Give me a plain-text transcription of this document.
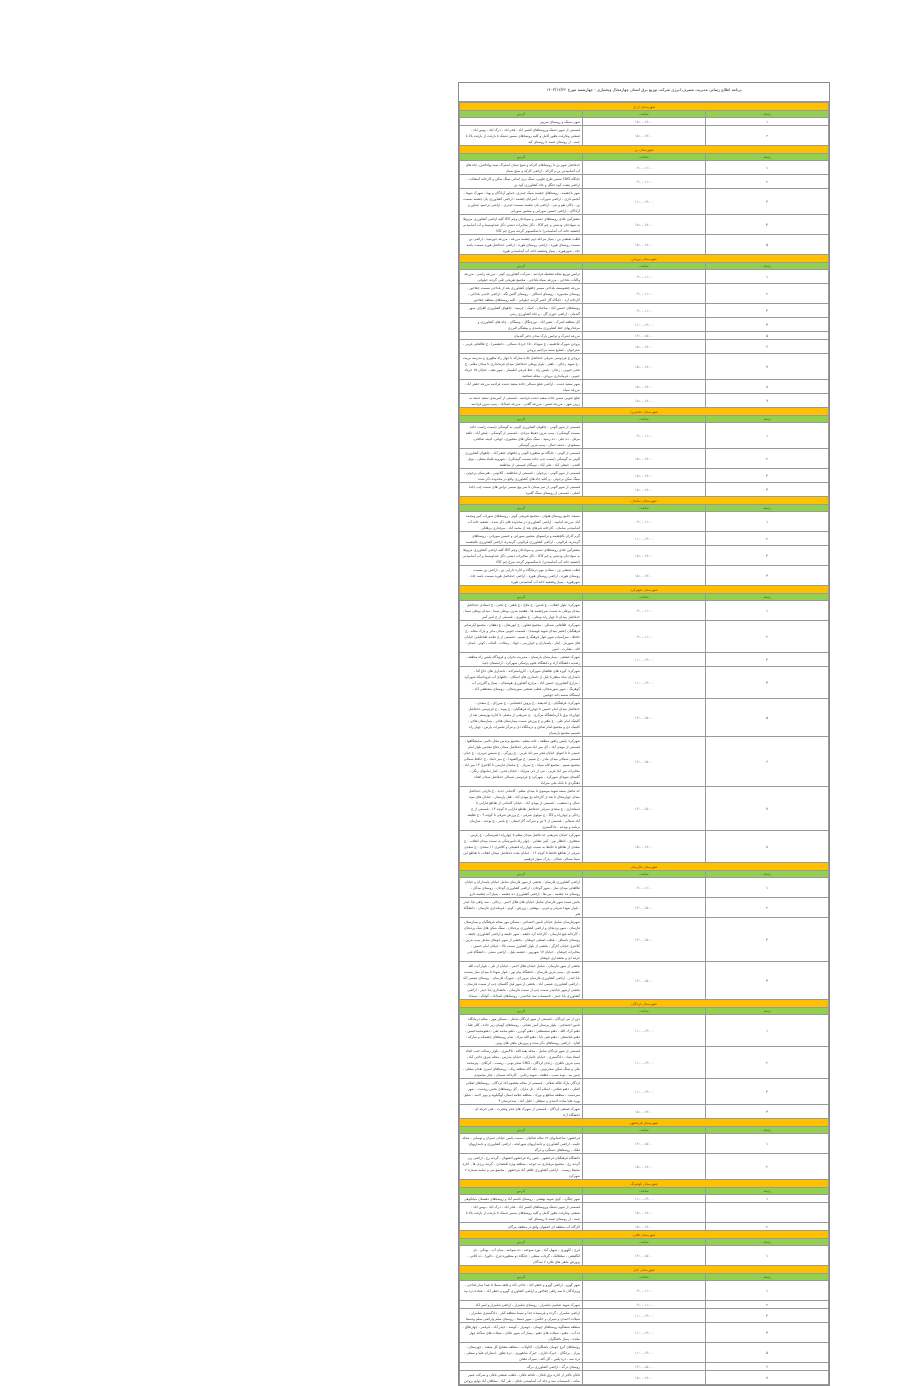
برنامه اطلاع رسانی مدیریت مصرف انرژی شرکت توزیع برق استان چهارمحال وبختیاری - چهارشنبه مورخ ۱۴۰۳/۱۲/۲۲
شهرستان اردل		
ردیف	ساعت	آدرس
۱	۱۵:۰۰-۱۷:۰۰	شهر دشتک و روستای سرپیر
۲	۱۵:۰۰-۱۷:۰۰	قسمتی از شهر دشتک وروستاهای اقسر اباد - فخر اباد - درک اباد - بهمن اباد . صنعتی وغارفت نطور کامل و کلیه روستاهای مسیر دشتک تا بازفت از بازفت بالا تا چمه - از روستای صمد تا روستای کید
شهرستان بن		
ردیف	ساعت	آدرس
۱	۰۹:۰۰-۱۱:۰۰	حدفاصل شهر بن تا روستاهای کارکه و شیخ شبان اشتراک سید بهاءالدین، چاه های آب آشامیدنی بن و کارکه - اراضی کارکه و شیخ شبان
۲	۰۹:۰۰-۱۱:۰۰	جایگاه CNG مسیر طرح طوبی، سنگ بری اسانی سنگ شکن و کارخانه آسفالت - اراضی پشت کوه جنگل و چاه کشاورزی کود بن
۳	۱۱:۰۰-۱۳:۰۰	شهر باجشمه ، روستاهای چشمه شیک حیدری، چماور آزادگان و بهنا - شهرک شهدا - آبجمو داری - اراضی شوراب - آسرایان چشمه - اراضی کشاورزی یان چشمه بسمت بن - دکان نقو و بنی - اراضی بان چشمه بسمت حیدری - اراضی ترجمو، چماور و آزادگان - اراضی حسین سورانی و منصور سورانی
۴	۱۵:۰۰-۱۷:۰۰	مشترکین عادی روستاهای دشتی و سوادجان وچم کاکا کلیه اراضی کشاورزی مربوط به سوادجان ودشتی و چم کاکا - دکل مخابرات دشتی دکل صداوسیما و آب آشامیدنی (تصفیه خانه آب آشامیدنی) تا سکسیونر گردنه سرخ چم کاکا
۵	۱۵:۰۰-۱۷:۰۰	قطب صنعتی بن - پمپاژ مرحله دوم چشمه مزرعه - مزرعه جورشید - اراضی بن بسمت روستای هوره - اراضی روستای هوره - اراضی حدفاصل هوره بسمت یاسه چاه - شهرهوره - پمپاژ وتصفیه خانه آب آشامیدنی هوره
شهرستان بروجن		
ردیف	ساعت	آدرس
۱	۰۹:۰۰-۱۱:۰۰	ترانس توزیع محله تفضیله فرادنبه - شرکت کشاورزی کوثر - مزرعه راشی - مزرعه واکنات بلداجی - مزرعه سیاه بلداجی - مجتمع تفریحی تلنی گردنه حیلوانی
۲	۰۹:۰۰-۱۱:۰۰	مزرعه چشوبسته بلداجی مسیر چاههای کشاورزی بعد از بلداجی بسمت چغاخور - روستای محموره - روستای اشکاف - روستای گلش نگه - اراضی حاشی بلداجی - کارخانه آرد - جایگاه گاز اعمر گردنه حیلوانی - کلیه روستاهای منطقه چغاخور
۳	۰۹:۰۰-۱۱:۰۰	روستاهای حسین آباد - ساحبان - کمک - چرمیه - چاههای کشاورزی اطراف شهر گندمان - اراضی حوزی گل - و چاه کشاورزی رشی
۴	۱۱:۰۰-۱۳:۰۰	کل منطقه اشرک - نصیر آباد - نورچنگال - وستگان - چاه های کشاورزی و مرغداریهای خط کشاورزی محمدی و پیشگام البرزی
۵	۱۳:۰۰-۱۵:۰۰	مزرعه اشرک و ترانس پارک سادر دختر گندمان
۶	۱۵:۰۰-۱۷:۰۰	بروجن شهرک فاطمیه - خ شهداء - ۱۵ خرداد شمالی - دانشسرا - خ طالقانی غربی - شترخوان - صنایع سمه مزاحیم بروجن
۷	۱۵:۰۰-۱۷:۰۰	بروجن خ فردوسی شرقی حدفاصل جاده مبارکه تا چهار راه مطهری و مدرسه تربیت - خ شهید رجائی - باهنر - بلوار بوعلی حدفاصل میدان فرمانداری تا میدان معلم - خ تختی جنوبی - زندان - بلنس راه - خط فرعی اقلیسار - شهر نقنه - خیابان ۱۵ خرداد جنوبی - فرمانداری بروجن - محله صناعیه
۸	۱۵:۰۰-۱۷:۰۰	شهر سفید دشت - اراضی ضلع شمالی جاده سفید دشت فرادنبه مزرعه جعفر آباد - مزرعه سیاه
۹	۱۵:۰۰-۱۷:۰۰	ضلع جنوبی مسیر جاده سفید دشت فرادنبه - قسمتی از کمربندی سفید دشته به زرین شهر - مزرعه عبس - مزرعه گلانی - مزرعه اسدآباد - پمپ بنزین فرادنبه
شهرستان خانمیرزا		
ردیف	ساعت	آدرس
۱	۰۹:۰۰-۱۱:۰۰	قسمتی از شهر آلونی - چاههای کشاورزی آلونی به گوشکی (سمت راست جاده بسمت گوشکی) - پمپ بنزین حفیظ مرادی - قسمتی از گوشکی - فیض آباد - قلعه مرغل - ده علی - ده رشید - سنگ شکن های منصوری، جهانی، ادیبند صالحی، مسعودی - دشته جمال - پمپ بنزین گوشکی
۲	۱۵:۰۰-۱۷:۰۰	قسمتی از آلونی - جایگاه نو منظوره آلونی و چاههای جعفر آباد - چاههای کشاورزی آلونی به گوشکی (سمت چپ جاده بسمت گوشکی) - شهرویه غلیاء سفلی - نوتل العدم - حیطی آباد - علی آباد - نومگان قسمتی از شاطعنه
۳	۱۵:۰۰-۱۷:۰۰	قسمتی از شهر آلونی - برجوئی - قسمتی از شاطعنه - کلاتونی - هنرستان برجوئی - سنگ شکن برجوئی - و کلیه چاه های کشاورزی واقع در محدوده ذکر شده
۴	۱۵:۰۰-۱۷:۰۰	قسمتی از شهر آلونی از سر میدان تا سر پیچ سیمی تراس های سمت چپ جاده اصلی - قسمتی از روستای سنگ گفیره
شهرستان سامان		
ردیف	ساعت	آدرس
۱	۰۹:۰۰-۱۱:۰۰	مسجد جامع روستای هلوان - مجتمع تفریحی کوثر - روستاهای شوراب کبیر ومحمد آباد، مزرعه امامیه - اراضی کشاورزی در محدوده های ذکر شده - تصفیه خانه آب آشامیدنی سامان - کارخانه قیرهای بعد از محمد آباد - مرغداری برهلکی
۲	۱۱:۰۰-۱۳:۰۰	گرم کاران بالچشمه و ترانسهای منصور سورانی و حسین سورانی - روستاهای گرمدره، قرالوتی - اراضی کشاورزی قرالوتی، گرمدره، اراضی کشاورزی بالچشمه
۳	۱۵:۰۰-۱۷:۰۰	مشترکین عادی روستاهای دشتی و سوادجان وچم کاکا کلیه اراضی کشاورزی مربوط به سوادجان ودشتی و چم کاکا - دکل مخابرات دشتی دکل صداوسیما و آب آشامیدنی (تصفیه خانه آب آشامیدنی) تا سکسیونر گردنه سرخ چم کاکا
۴	۱۵:۰۰-۱۷:۰۰	قطب صنعتی بن - ستادن مهر درمانگاه و اداره دارایی بن - اراضی بن بسمت روستای هوره - اراضی روستای هوره - اراضی حدفاصل هوره بسمت یاسه چاه - شهرهوره - پمپاژ وتصفیه خانه آب آشامیدنی هوره
شهرستان شهرکرد		
ردیف	ساعت	آدرس
۱	۰۹:۰۰-۱۱:۰۰	شهرکرد: بلوار انقلاب - خ قدس - خ ملاح - خ باهنر - خ تختی - خ استادی حدفاصل میدان بوعلی به سمت سرچشمه ها - هفتمه مدرن بوعلی سینا - میدان بوعلی سینا - حدفاصل میدان تا چهار راه بوعلی - خ مطهری - قسمتی از خ امیر کبیر
۲	۰۹:۰۰-۱۱:۰۰	شهرکرد: طالقانی شمالی - مجتمع تشاور - خ ابوریحان - خ دهقان - مجتمع آپارتمانی فرهنگیان (عصر میدان شهید فهمیده) - قسمت جنوبی میدان مادر و پارک محله - خ حافظ - سرآسیاب شهر بلوار فرهنگ خ نسیم - قسمتی از خ علامه طباطبایی خیابان های شهریار - ایثار ، پاسداران و خوارزمی - جهاد - رسالت - آفتاب - کوثر - ایمان - لاله - بشارت - امین
۳	۱۱:۰۰-۱۳:۰۰	شهرک صنعتی - بیمارستان پارسیان - مدیریت بحران و فرودگاه پلیس راه منطقه - رصدیه دانشگاه آزاد و دانشگاه علوم پزشکی شهرکرد - آرامستان جدید
۴	۱۱:۰۰-۱۳:۰۰	شهرکرد: کوره های طلشان شهرکرد - کارواستراحه - دامداری های حاج آقا - دامداران شاه منظر تا قبل از دامداری های اسکان - چاههای آب فروداشکه شهرکرد - مزارع کشاورزی حسین آباد - مزارع کشاورزی هوشجان - پمپاژ و گلرزنی آب کوهرنگ - شهر سورشجان، قطب صنعتی سورشجان - روستای مصطفی آباد - ایستگاه سسه دانه جهانبین
۵	۱۳:۰۰-۱۵:۰۰	شهرکرد: فرهنگیان - خ اندیشه - خ پروین اعتصامی - خ میرزای - خ سعدی - حدفاصل میدان امام حسین تا چهارراه فرهنگیان - خ پیوند - خ فردوسی حدفاصل چهارراه برق تا آرمانشگاه مرکزی - خ شریعتی از مصلی تا اداره بهزیستی بعد از کلینیک امام علی - خ باهنر و خ ورزش سمت بیمارستان هاجر - بیمارستان هاجر - کلینیک دی و مجتمع امام صادق و درمانگاه دی و مرکز تعمیرات پارس - چهار راه تصمیم مجتمع پارسیان
۶	۱۳:۰۰-۱۵:۰۰	شهرکرد: پلیس راهور منطقه ، خانه معلم ، مجتمع برندس محل دائمی نمایشگاهها ، قسمتی از مهدی آباد - کل میر اباد شرقی حدفاصل میدان دفاع مقدس بلوار امام خمینی تا تا انتهای خیابان فجر میر اباد غربی - خ روزگی - خ شمس تبریزی - خ خیام - قسمتی شمالی میدان مادر - خ نسیم - خ نورالشهدا - خ میر داماد - خ حافظ شمالی مجتمع نسیم - مجتمع لاله سپاه - خ سرباز - خ سلمان فارسی تا کلانتری ۱۳ میر اباد - مخابرات میر اباد غربی - نبی از حی میراباد - خیابان غدیر ، ایثار تمامهای رنگی - گلستان شهدای شهرکرد - شهرکرد خ فردوسی شمالی حدفاصل میدان اهداء دهنگردی تا بانک ملی میراباد
۷	۱۳:۰۰-۱۵:۰۰	حد فاصل بسته شهید موسوی تا میدان معلم - کاشانی جدید - خ فارابی حدفاصل میدان چهارمحال تا بعد از کارخانه یخ مهدی آباد - هتل پارسیان - خیابان های سید جمال و دستغیب - قسمتی از مهدی آباد - خیابان کاشانی از تقاطع فارابی تا استانداری - خ سعدی شرقی حدفاصل تقاطع فارابی تا کوچه ۱۳ - قسمتی از خ رجائی و چهارراه و لاکا - خ مولوی شرقی - خ ورزش شرقی تا کوچه ۹ - خ طلیقه آباد شمالی - قسمتی از ۷ تیر و شرکت گاز استان - خ یاسر - خ توحید - سازمان برنامه و بودجه - دادگستری
۸	۱۵:۰۰-۱۷:۰۰	شهرکرد خیابان شریعتی حد فاصل میدان معلم تا چهارراه دامپزشکی - خ پارس - منتظری - انتظار نور - آیتی نشانی - چهار راه دامپزشکی به سمت میدان انقلاب - خ سعدی از تقاطع تا حافظ به سمت چهار راه فضیحی و کلانتری ۱۱ سعدی - خ سعدی شرقی از تقاطع حافظ تا کوچه ۱۶ - خیابان ملت حدفاصل میدان انقلاب تا تقاطع ابن سینا شمالی عیادان - پارک سوار فرهنیم
شهرستان فارسان		
ردیف	ساعت	آدرس
۱	۰۹:۰۰-۱۱:۰۰	اراضی کشاورزی فارسان - بخشی از شهر فارسان شامل خیابان پاسداران و خیابان طالقانی میدان نماز - شهر گوجان - اراضی کشاورزی گوجان - روستای بیدکل - روستای ده چشمه - بیر بقا - اراضی کشاورزی ده چشمه - پمپاژ آب چشمه دارو
۲	۱۳:۰۰-۱۵:۰۰	بخش عمده شهر فارسان شامل خیابان های هلال احمر ، رجائی ، سه راهی بابا حیدر ، بلوار شهدا شرقی و غربی ، بهشتی ، ورزش ، کوثر ، فرمانداری فارسان - دانشگاه هنر
۳	۱۳:۰۰-۱۵:۰۰	شهرفارسان شامل خیابان تامین اجتماعی ، مسکن مهر محله فرهنگیان و بیمارستان فارسان - شهر پردنجان و اراضی کشاورزی پردنجان - سنگ شکن های شک پردنجان - کارخانه قیع فارسان - کارخانه آرد جلیقه - شهر جلیقه و اراضی کشاورزی جلیقه - روستای باستاف - قطب صنعتی جونقان - بخشی از شهر جونقان شامل پمپ بنزین - کلانتری خیابان کارگر - بخشی از بلوار کشاورز سمت بالا - خیابان امام حسین - مخابرات جونقان - خیابان ۱۷ شهریور - چشمه پلیل - اراضی سنتی - دانشگاه فنی حرفه ای و بخشداری جونقان
۴	۱۳:۰۰-۱۵:۰۰	بخشی از شهر فارسان ، شامل خیابان هلال احمر ، خیابان از تلی ، بلوار آیت الله جشمه ای ، پمپ بنزین فارسان ، دانشگاه پیام نور ، بلوار شهدا تا میدان نماز بسمت بابا حیدر - اراضی کشاورزی فارسان مرور ای - شهرک فارسان - روستای عیسی آباد - اراضی کشاورزی عیسی آباد - بخشی از شهر قبل گلستان چپ از سمت فارسان - بخشی ازشهر باباحیدر سمت چپ از سمت فارسان - بخشداری بابا حیدر - اراضی کشاورزی بابا حیدر - تاسیسات سد باباحیدر - روستاهای اسدآباد - کوانک - سیدابا
شهرستان لردگان		
ردیف	ساعت	آدرس
۱	۱۱:۰۰-۱۳:۰۰	دین از می لردگان - قسمتی از شهر لردگان شامل - مسکن مهر - محله درمانگاه تامین اجتماعی ، بلوار پرستار آتش نشانی - روستاهای کهمان زیر جاده ، کلار علیا ، دهنو کرک الله - دهنو شنسطنی ، دهنو گودرز ، دهنو محمد تقی - دهنومحمدحسین ، دهنو عباسعلی - دهنو تقی بابا - دهنو الله مراد ، تمام روستاهای چشمکه و مبارکه - لفارد - اراضی روستاهای ذکر شده و پرورش ماهی های پونی
۲	۱۱:۰۰-۱۳:۰۰	قسمتی از شهر لردگان شامل ، محله بقیه الله ، ۴۵متری ، بلوار رسالت جنب اتحاد استاد بنیاد ، دادگستری ، خیابان جانبازان ، خیابان مدرس ، محله شرق حاجی آباد ، پمپ بنزین ناظری ، زندان لردگان - CNG سحر نوبی - ریست - کرکلان - پیرمحمد علی و سنگ شکن سحرنوبی - چله گاه منطقه رنک ، روستاهای امیری نقدام سفلی - چمن بید - توبه سیب - فطعه - شهید رجایی - کارخانه سیمان - چنار محمودی
۳	۱۱:۰۰-۱۳:۰۰	لردگان پارک فلکه صلاتی - قسمتی از محله معصوم آباد لردگان - روستاهای صلاتی اصلی - دهنو صلاتی - اسلام آباد - تل ماران - کل روستاهای بخش رودشت - شهر سردشت - منطقه ساطع و نوراد - منطقه علامه استان کهگیلویه و بویر احمد - شلیل بهره علیا مباده احمدی و سطلی - خلیل آباد - سدخرسان ۴
۴	۱۵:۰۰-۱۷:۰۰	شهرک صنعتی لردگان - قسمتی از شهرک های فجر وفجرت - فنی حرفه ای - دانشگاه آزاد
شهرستان فرخشهر		
ردیف	ساعت	آدرس
۱	۱۳:۰۰-۱۵:۰۰	فرخشهر: ساختمانهای ۲۲ ساله فدائیان - سمت یاسن خیابان جمران و توسلی - محله جلیبه - اراضی کشاورزی و دامداریهای شهرابجه - اراضی کشاورزی و دامداریهای دهک - روستاهای دستگرد و درگه
۲	۱۵:۰۰-۱۷:۰۰	دانشگاه فرهنگیان فرخشهر - بلس راه فرخشهر اصفهان - گردنه رخ - اراضی زیر گردنه رخ - مجتمع مرغداری به جوجه - منطقه ویژه اقتصادی - گردنه زردی ها - اداره محیط زیست - اراضی کشاورزی ظاهر آباد فرخشهر - مجتمع نبی و سامه شماره ۲ شهرکرد
شهرستان کوهرنگ		
ردیف	ساعت	آدرس
۱	۱۱:۰۰-۱۳:۰۰	شهر چلگرد - کوی شهید بهشتی - روستای قاسم آباد و روستاهای دهستان میانکوهی
	۱۵:۰۰-۱۷:۰۰	قسمتی از شهر دشتک وروستاهای اقسر اباد - فخر اباد - درک اباد - بهمن اباد . صنعتی وغارفت نطور کامل و کلیه روستاهای مسیر دشتک تا بازفت از بازفت بالا تا چمه - از روستای صمد تا روستای کید
۲	۱۵:۰۰-۱۷:۰۰	کارگاه آب منطقه ای اصفهان واقع در منطقه بیرگان
شهرستان فلارد		
ردیف	ساعت	آدرس
۱	۱۳:۰۰-۱۵:۰۰	فرح - کلهوری - سهیل آباد - بورد سوخته - ده سوخته - میان آب - یونکی - تل انگلیشی - سلطانک - گرداب سفلی - جایگاه دو منظوره فرح - دالوزا - ده کلانی - پرورش ماهی های فلارد ۶ سدگان
شهرستان کیار		
ردیف	ساعت	آدرس
۱	۰۹:۰۰-۱۱:۰۰	شهر گهرو - اراضی گهرو و جعفر آباد - حاجی آباد و قلعه سملا تا عبدا سار بلداجی - وزیرادگان تا سه راهی چغاخور و اراضی کشاورزی گهرو و جعفر آباد - عماده درد بید -
۲	۰۹:۰۰-۱۱:۰۰	شهرک شهید عباسی شلمزار - روستای شلمزار - اراضی شلمزار و امیر آباد
۳	۱۱:۰۰-۱۳:۰۰	اراضی شلمزار - گرده و فرسینده جدا و سیما منطقه کیار - دادگستری شلمزار - شیلات احمدی و شیران و حکمی - شهر دستنا - روستای سلم واراضی سلم ودستنا
۴	۱۱:۰۰-۱۳:۰۰	منطقه ششگوه روستاهای چهمان - جهمزار - کوشه - حیدر آباد - قرغمر - چهارطاق - ده آب - دهنو - شیلات های دهنو - پمپاژ آب شهر ناغان - شیلات های ساکنه چهار محده - پمپاژ باصلگران
۵	۱۱:۰۰-۱۳:۰۰	روستاهای کرج جهمان باصلگران - آقاولات - منطقه مشایخ کل منشد - جهرستان - پیراز - برجگان - جبرک اتاری - جبرک شاهپوری - دره تعلق - اشتاران علیا و سفلی - دره سه - دره پلس - کل کله - سیرک دهجن
۶	۱۳:۰۰-۱۵:۰۰	روستای درگه - اراضی کشاورزی درگه
۷	۱۵:۰۰-۱۷:۰۰	ناغان بالاتر از اداره برق ناغان - تاغانه ناغان - قطب صنعتی ناغان و شرکت عمیر سانه - تاسیسات سه و چاه آب آشامیدنی ناغان - تلی آباد - سلطان آباد توابع بروجن
